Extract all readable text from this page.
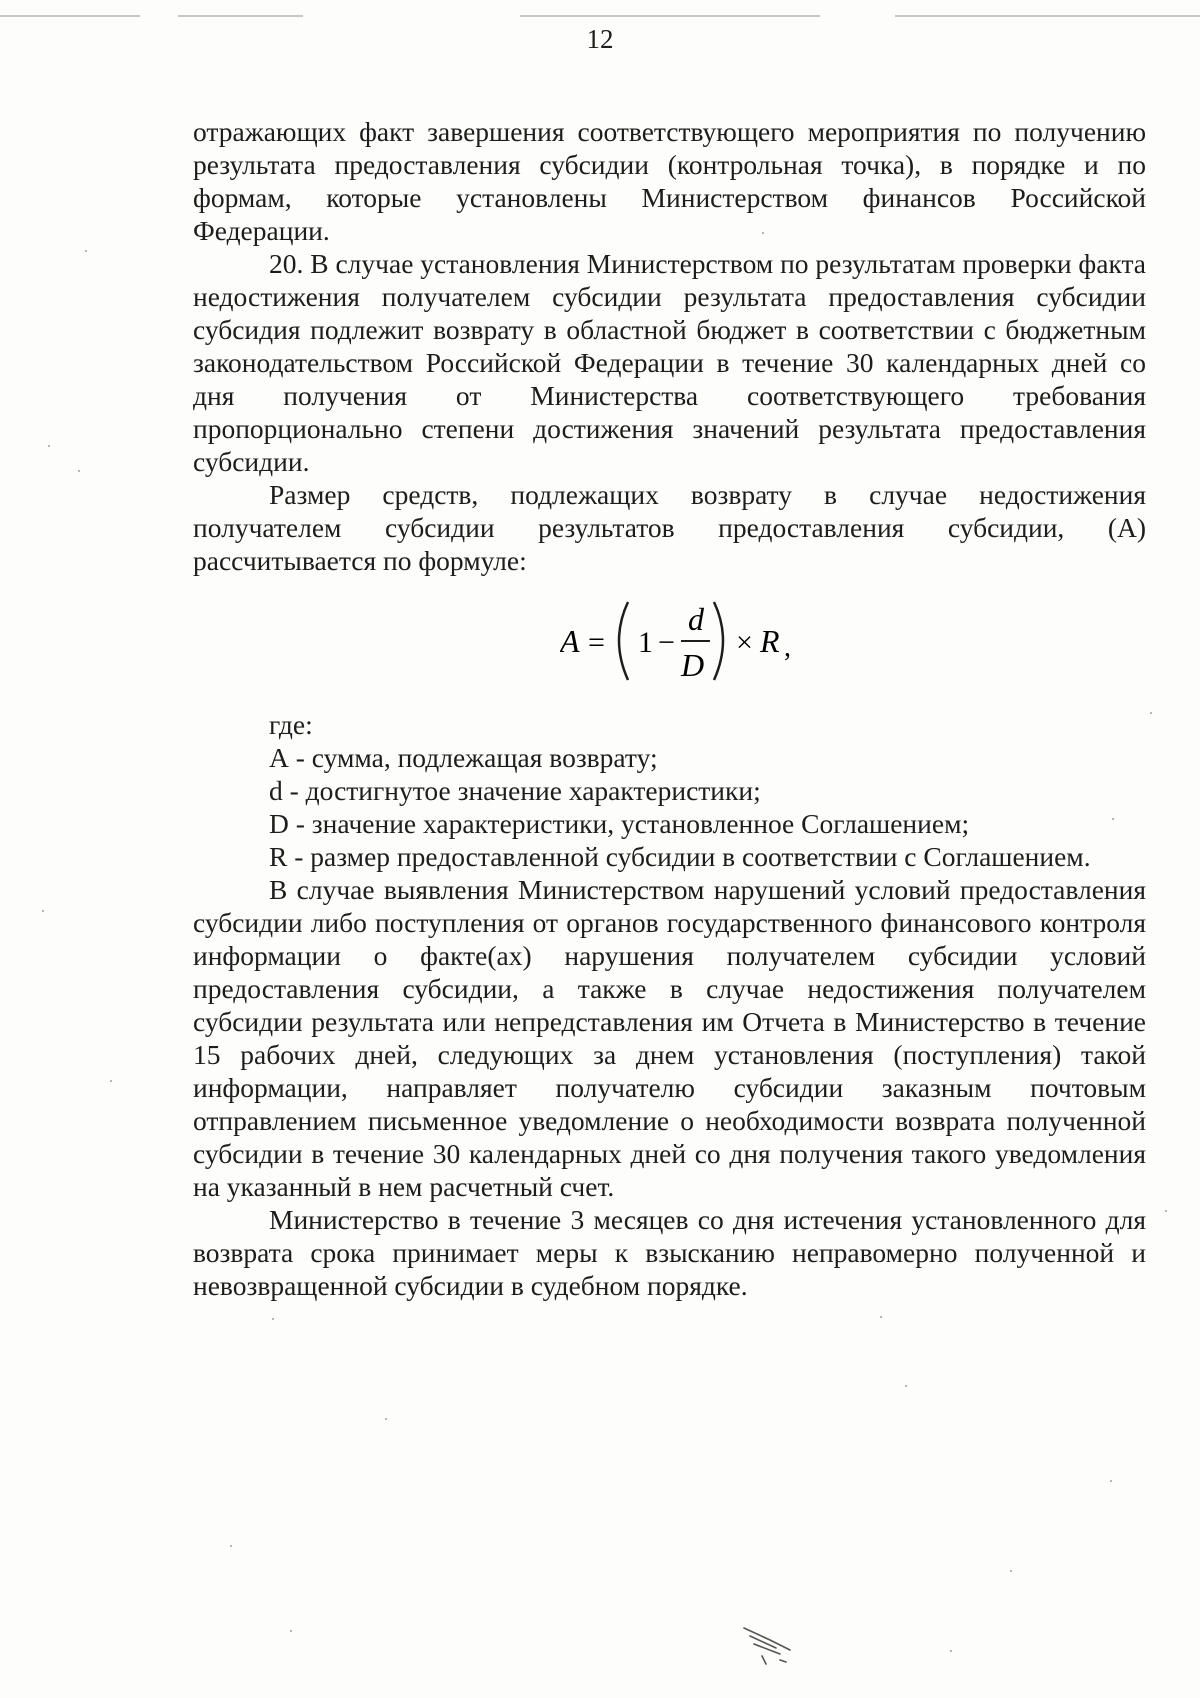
12

отражающих факт завершения соответствующего мероприятия по получению результата предоставления субсидии (контрольная точка), в порядке и по формам, которые установлены Министерством финансов Российской Федерации.

20. В случае установления Министерством по результатам проверки факта недостижения получателем субсидии результата предоставления субсидии субсидия подлежит возврату в областной бюджет в соответствии с бюджетным законодательством Российской Федерации в течение 30 календарных дней со дня получения от Министерства соответствующего требования пропорционально степени достижения значений результата предоставления субсидии.

Размер средств, подлежащих возврату в случае недостижения получателем субсидии результатов предоставления субсидии, (А) рассчитывается по формуле:

A = 1 −
d
D
× R ,

где:

А - сумма, подлежащая возврату;

d - достигнутое значение характеристики;

D - значение характеристики, установленное Соглашением;

R - размер предоставленной субсидии в соответствии с Соглашением.

В случае выявления Министерством нарушений условий предоставления субсидии либо поступления от органов государственного финансового контроля информации о факте(ах) нарушения получателем субсидии условий предоставления субсидии, а также в случае недостижения получателем субсидии результата или непредставления им Отчета в Министерство в течение 15 рабочих дней, следующих за днем установления (поступления) такой информации, направляет получателю субсидии заказным почтовым отправлением письменное уведомление о необходимости возврата полученной субсидии в течение 30 календарных дней со дня получения такого уведомления на указанный в нем расчетный счет.

Министерство в течение 3 месяцев со дня истечения установленного для возврата срока принимает меры к взысканию неправомерно полученной и невозвращенной субсидии в судебном порядке.
